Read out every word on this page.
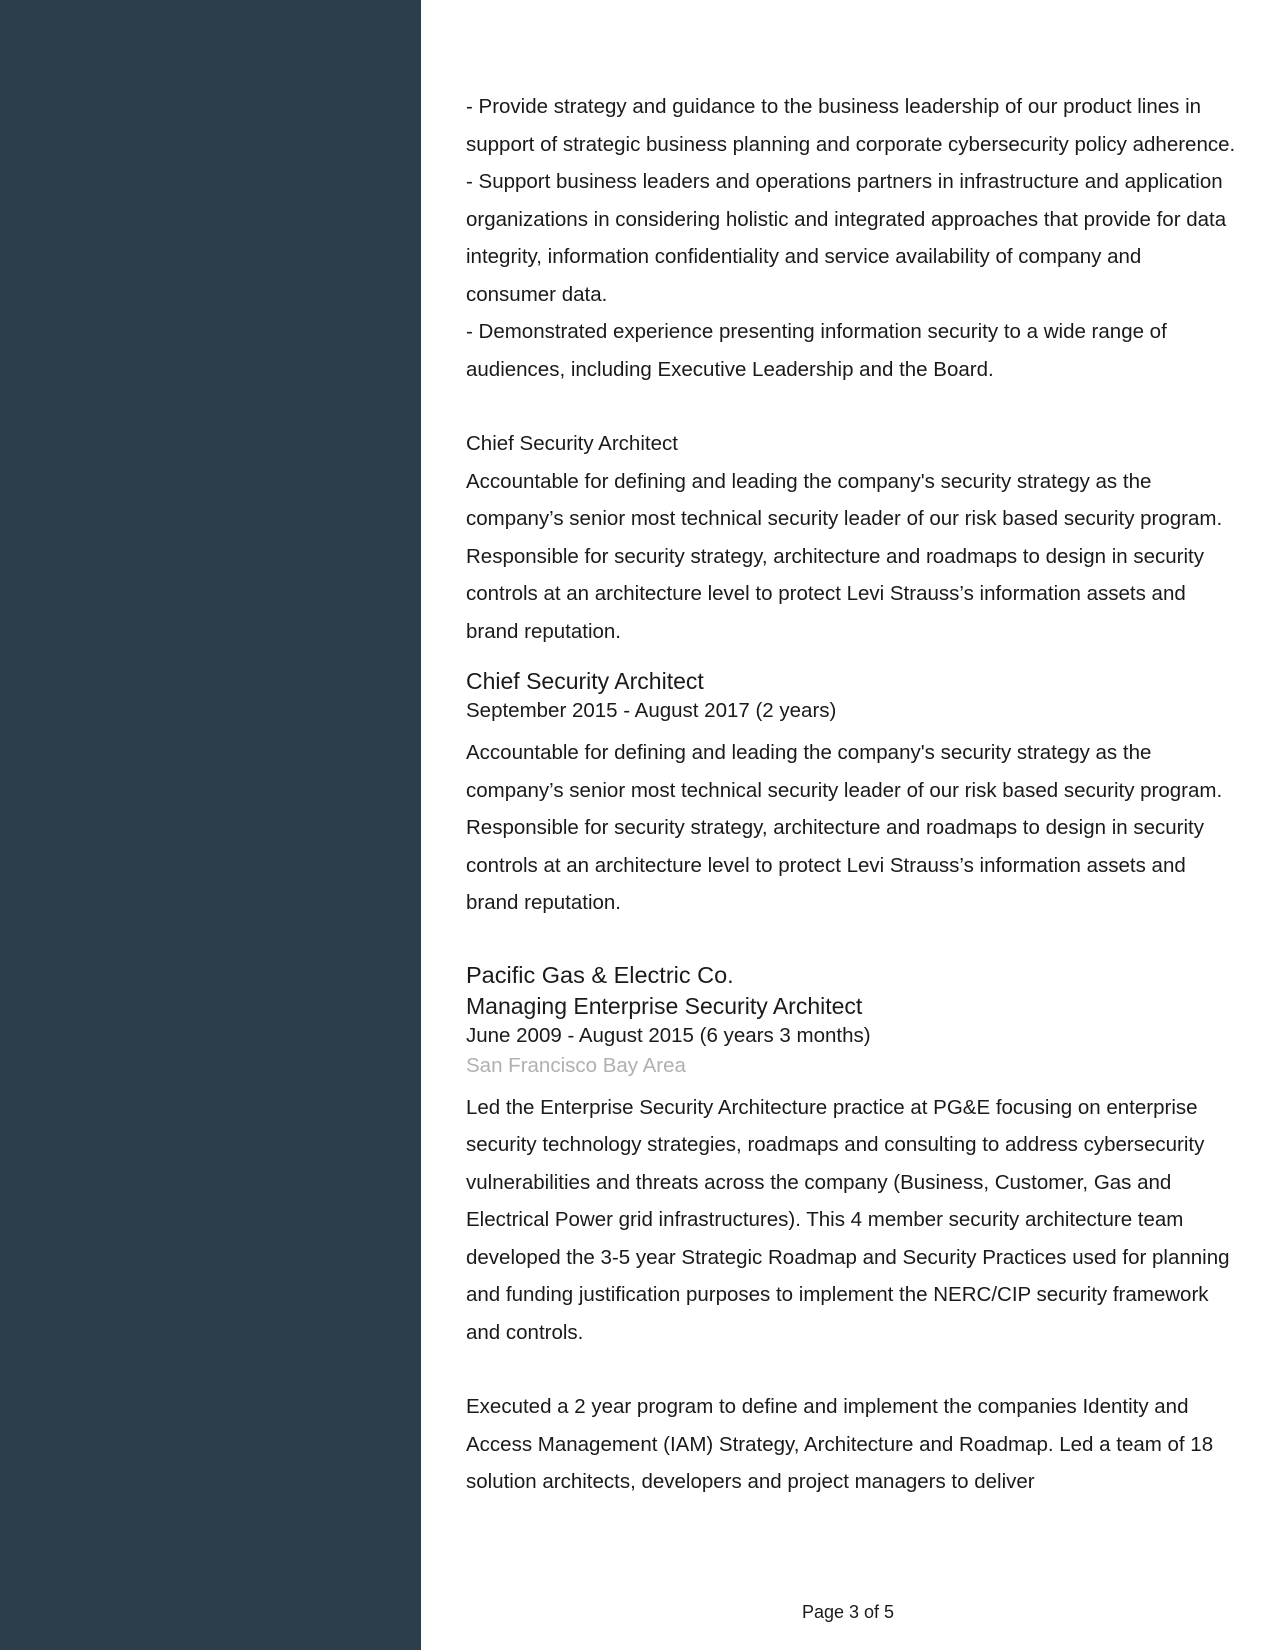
- Provide strategy and guidance to the business leadership of our product lines in support of strategic business planning and corporate cybersecurity policy adherence.

- Support business leaders and operations partners in infrastructure and application organizations in considering holistic and integrated approaches that provide for data integrity, information confidentiality and service availability of company and consumer data.

- Demonstrated experience presenting information security to a wide range of audiences, including Executive Leadership and the Board.

Chief Security Architect

Accountable for defining and leading the company's security strategy as the company’s senior most technical security leader of our risk based security program. Responsible for security strategy, architecture and roadmaps to design in security controls at an architecture level to protect Levi Strauss’s information assets and brand reputation.

Chief Security Architect

September 2015 - August 2017 (2 years)

Accountable for defining and leading the company's security strategy as the company’s senior most technical security leader of our risk based security program. Responsible for security strategy, architecture and roadmaps to design in security controls at an architecture level to protect Levi Strauss’s information assets and brand reputation.

Pacific Gas & Electric Co.

Managing Enterprise Security Architect

June 2009 - August 2015 (6 years 3 months)

San Francisco Bay Area

Led the Enterprise Security Architecture practice at PG&E focusing on enterprise security technology strategies, roadmaps and consulting to address cybersecurity vulnerabilities and threats across the company (Business, Customer, Gas and Electrical Power grid infrastructures). This 4 member security architecture team developed the 3-5 year Strategic Roadmap and Security Practices used for planning and funding justification purposes to implement the NERC/CIP security framework and controls.

Executed a 2 year program to define and implement the companies Identity and Access Management (IAM) Strategy, Architecture and Roadmap. Led a team of 18 solution architects, developers and project managers to deliver

Page 3 of 5
